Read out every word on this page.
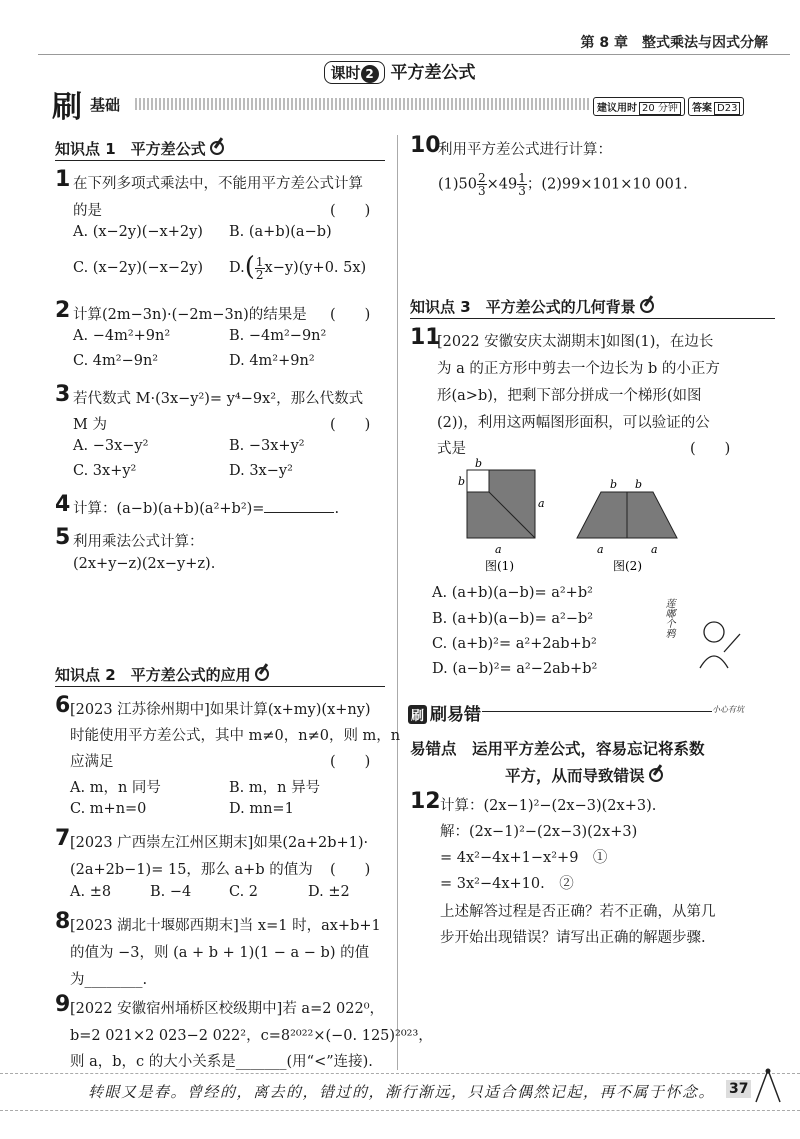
第 8 章　整式乘法与因式分解
课时 2 平方差公式
刷 基础	建议用时 20 分钟	答案 D23
知识点 1　平方差公式
1 在下列多项式乘法中，不能用平方差公式计算
的是	(　　)
A. (x−2y)(−x+2y) B. (a+b)(a−b)
C. (x−2y)(−x−2y) $D.( \frac{1}{2} x-y)(y+0$. 5x)
2 计算(2m−3n)·(−2m−3n)的结果是 (　　)
A. −4m²+9n²	B. −4m²−9n²
C. 4m²−9n²	D. 4m²+9n²
3 若代数式 M·(3x−y²)= y⁴−9x²，那么代数式
M 为	(　　)
A. −3x−y²	B. −3x+y²
C. 3x+y²	D. 3x−y²
4 计算：(a−b)(a+b)(a²+b²)=	.
5 利用乘法公式计算：
(2x+y−z)(2x−y+z).
知识点 2　平方差公式的应用
6 [2023 江苏徐州期中]如果计算(x+my)(x+ny)
时能使用平方差公式，其中 m≠0，n≠0，则 m，n
应满足	(　　)
A. m，n 同号	B. m，n 异号
C. m+n=0	D. mn=1
7 [2023 广西崇左江州区期末]如果(2a+2b+1)·
(2a+2b−1)= 15，那么 a+b 的值为 (　　)
A. ±8	B. −4	C. 2	D. ±2
8 [2023 湖北十堰郧西期末]当 x=1 时，ax+b+1
的值为 −3，则 (a + b + 1)(1 − a − b) 的值
为________.
9 [2022 安徽宿州埇桥区校级期中]若 a=2 022⁰，
b=2 021×2 023−2 022²，c=8²⁰²²×(−0. 125)²⁰²³，
则 a，b，c 的大小关系是_______(用“<”连接).
10
利用平方差公式进行计算：
$(1)50 \frac{2}{3} \times 49 \frac{1}{3}$ ；(2)99×101×10 001.
知识点 3　平方差公式的几何背景
11
[2022 安徽安庆太湖期末]如图(1)，在边长
为 a 的正方形中剪去一个边长为 b 的小正方
形(a>b)，把剩下部分拼成一个梯形(如图
(2))，利用这两幅图形面积，可以验证的公
式是	(　　)
b
b
a
a
b b
a	a
图(1)	图(2)
A. (a+b)(a−b)= a²+b²
B. (a+b)(a−b)= a²−b²
C. (a+b)²= a²+2ab+b²
D. (a−b)²= a²−2ab+b²
莲嘟个鸦
刷 刷易错	小心有坑
易错点　运用平方差公式，容易忘记将系数
平方，从而导致错误
12 计算：(2x−1)²−(2x−3)(2x+3).
解：(2x−1)²−(2x−3)(2x+3)
= 4x²−4x+1−x²+9　①
= 3x²−4x+10.　②
上述解答过程是否正确？若不正确，从第几
步开始出现错误？请写出正确的解题步骤.
转眼又是春。曾经的，离去的，错过的，渐行渐远，只适合偶然记起，再不属于怀念。 37
